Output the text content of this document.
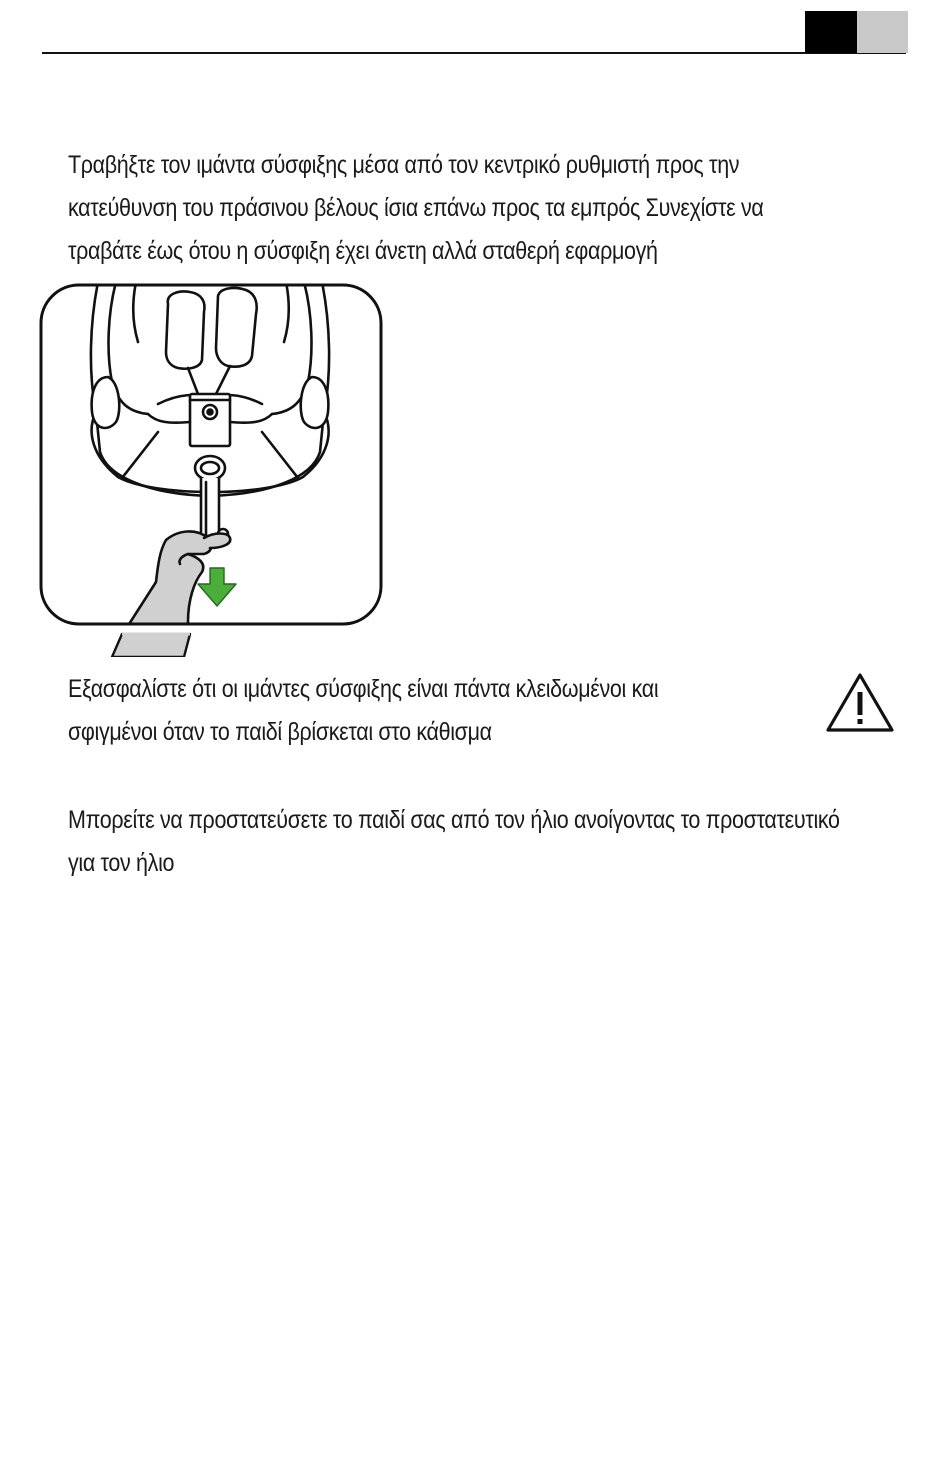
Τραβήξτε τον ιμάντα σύσφιξης μέσα από τον κεντρικό ρυθμιστή προς την
κατεύθυνση του πράσινου βέλους ίσια επάνω προς τα εμπρός Συνεχίστε να
τραβάτε έως ότου η σύσφιξη έχει άνετη αλλά σταθερή εφαρμογή

Εξασφαλίστε ότι οι ιμάντες σύσφιξης είναι πάντα κλειδωμένοι και
σφιγμένοι όταν το παιδί βρίσκεται στο κάθισμα

Μπορείτε να προστατεύσετε το παιδί σας από τον ήλιο ανοίγοντας το προστατευτικό
για τον ήλιο
